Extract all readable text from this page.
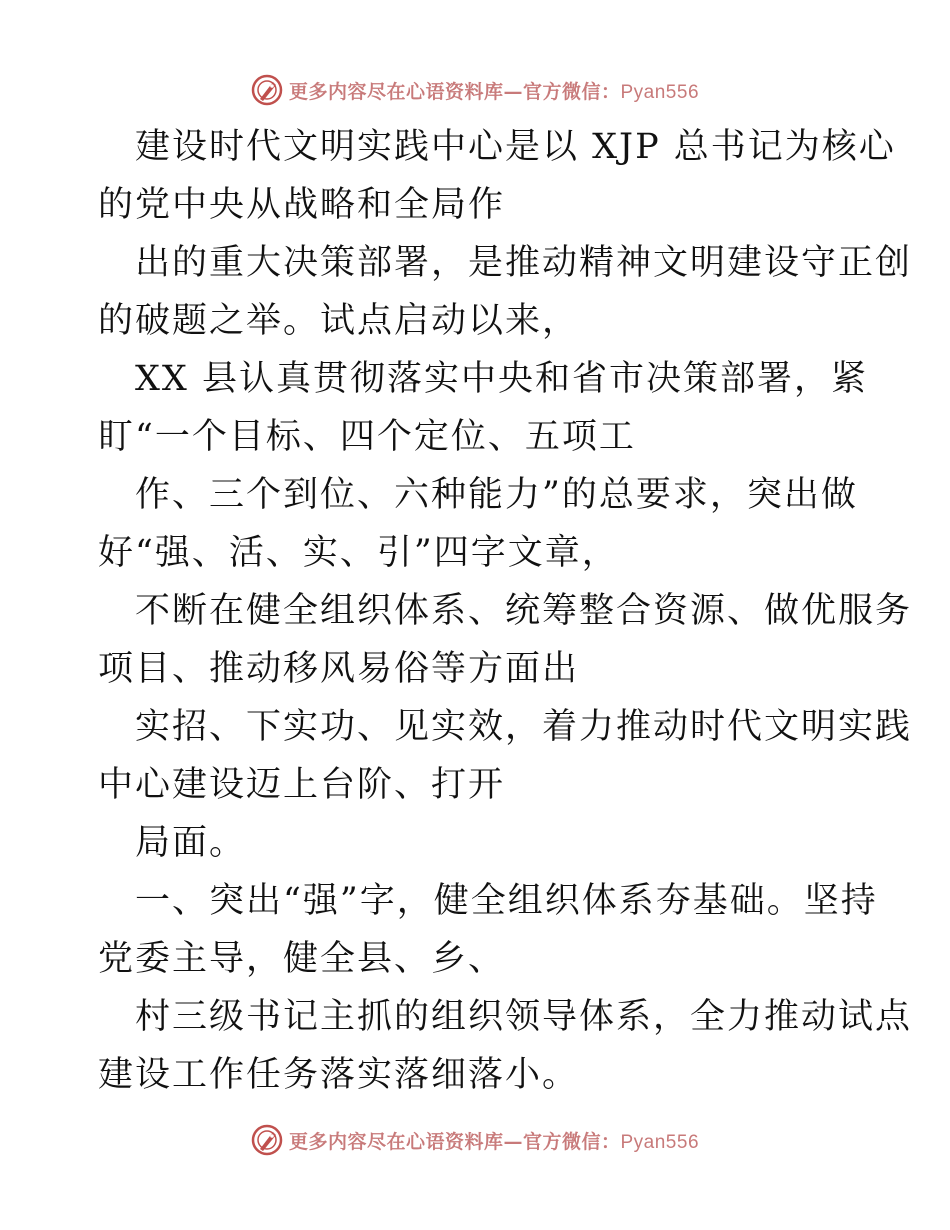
更多内容尽在心语资料库—官方微信：Pyan556
建设时代文明实践中心是以 XJP 总书记为核心
的党中央从战略和全局作
出的重大决策部署，是推动精神文明建设守正创
的破题之举。试点启动以来，
XX 县认真贯彻落实中央和省市决策部署，紧
盯“一个目标、四个定位、五项工
作、三个到位、六种能力”的总要求，突出做
好“强、活、实、引”四字文章，
不断在健全组织体系、统筹整合资源、做优服务
项目、推动移风易俗等方面出
实招、下实功、见实效，着力推动时代文明实践
中心建设迈上台阶、打开
局面。
一、突出“强”字，健全组织体系夯基础。坚持
党委主导，健全县、乡、
村三级书记主抓的组织领导体系，全力推动试点
建设工作任务落实落细落小。
更多内容尽在心语资料库—官方微信：Pyan556
